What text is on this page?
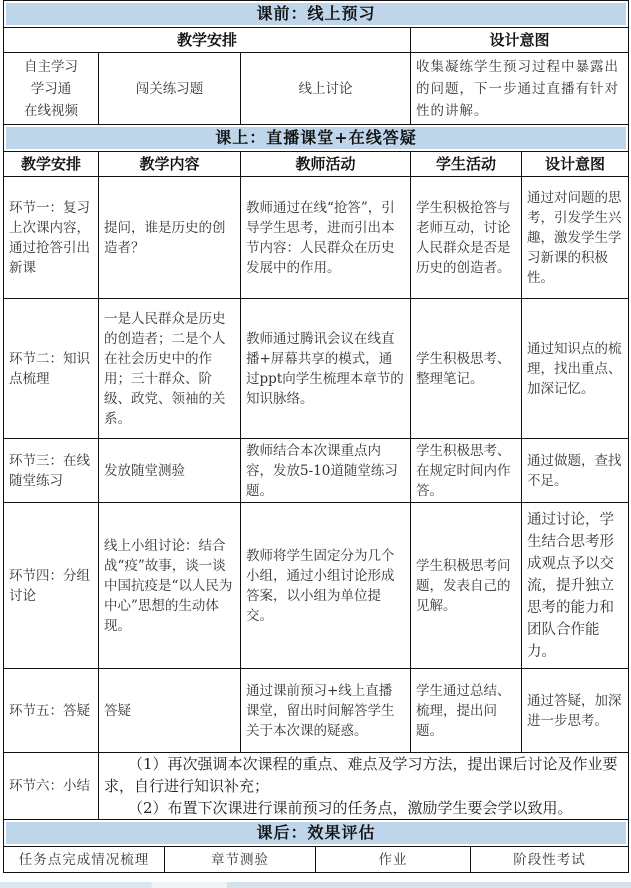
课前：线上预习			

教学安排			设计意图

自主学习
学习通
在线视频	闯关练习题	线上讨论	收集凝练学生预习过程中暴露出的问题，下一步通过直播有针对性的讲解。
课上：直播课堂+在线答疑				

教学安排	教学内容	教师活动	学生活动	设计意图
环节一：复习上次课内容，通过抢答引出新课	提问，谁是历史的创造者？	教师通过在线“抢答”，引导学生思考，进而引出本节内容：人民群众在历史发展中的作用。	学生积极抢答与老师互动，讨论人民群众是否是历史的创造者。	通过对问题的思考，引发学生兴趣，激发学生学习新课的积极性。
环节二：知识点梳理	一是人民群众是历史的创造者；二是个人在社会历史中的作用；三十群众、阶级、政党、领袖的关系。	教师通过腾讯会议在线直播+屏幕共享的模式，通过ppt向学生梳理本章节的知识脉络。	学生积极思考、整理笔记。	通过知识点的梳理，找出重点、加深记忆。
环节三：在线随堂练习	发放随堂测验	教师结合本次课重点内容，发放5-10道随堂练习题。	学生积极思考、在规定时间内作答。	通过做题，查找不足。
环节四：分组讨论	线上小组讨论：结合战“疫”故事，谈一谈中国抗疫是“以人民为中心”思想的生动体现。	教师将学生固定分为几个小组，通过小组讨论形成答案，以小组为单位提交。	学生积极思考问题，发表自己的见解。	通过讨论，学生结合思考形成观点予以交流，提升独立思考的能力和团队合作能力。
环节五：答疑	答疑	通过课前预习+线上直播课堂，留出时间解答学生关于本次课的疑惑。	学生通过总结、梳理，提出问题。	通过答疑，加深进一步思考。
环节六：小结	（1）再次强调本次课程的重点、难点及学习方法，提出课后讨论及作业要求，自行进行知识补充；

（2）布置下次课进行课前预习的任务点，激励学生要会学以致用。			

课后：效果评估

任务点完成情况梳理	章节测验	作业	阶段性考试
